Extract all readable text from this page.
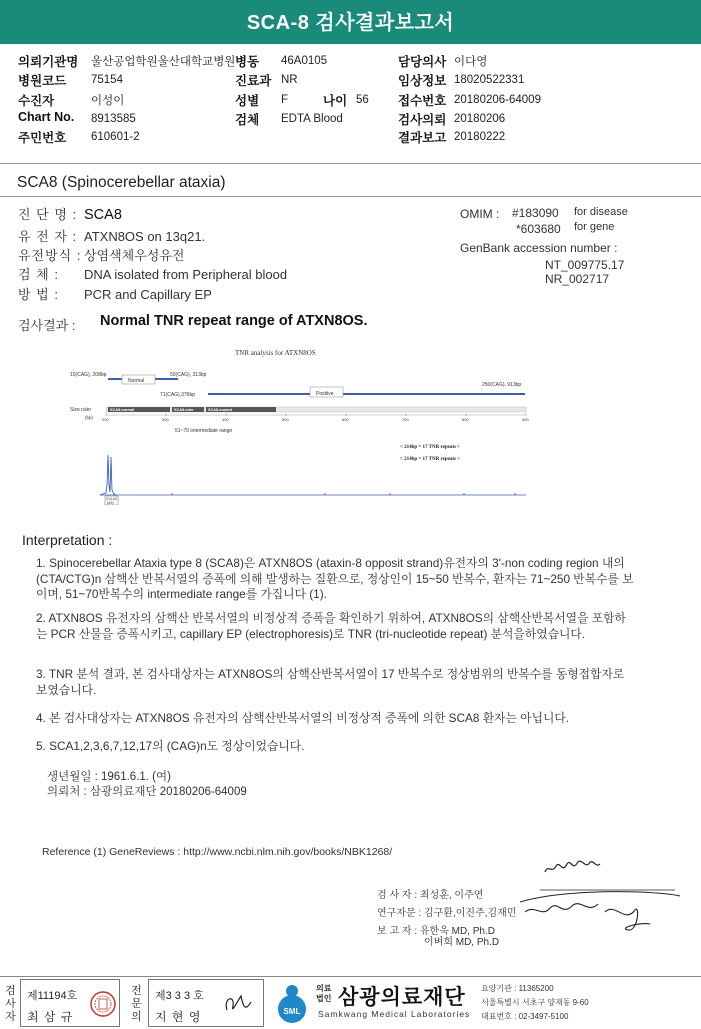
SCA-8 검사결과보고서
의뢰기관명 울산공업학원울산대학교병원 병동 46A0105	담당의사 이다영
병원코드 75154	진료과 NR	임상정보 18020522331
수진자	이성이	성별 F	나이 56 접수번호 20180206-64009
Chart No. 8913585	검체 EDTA Blood	검사의뢰 20180206
주민번호 610601-2	결과보고 20180222
SCA8 (Spinocerebellar ataxia)
진 단 명 : SCA8
유 전 자 : ATXN8OS on 13q21.
유전방식 : 상염색체우성유전
검 체 : DNA isolated from Peripheral blood
방 법 : PCR and Capillary EP
OMIM : #183090 for disease
*603680 for gene
GenBank accession number :
NT_009775.17
NR_002717
검사결과 : Normal TNR repeat range of ATXN8OS.
TNR analysis for ATXN8OS
15(CAG), 208bp	50(CAG), 313bp
Normal
71(CAG),376bp	Positive
250(CAG), 913bp
Size ruler
(bp)
SCA8-normal	SCA8-inter	SCA8-mutant
200	300	400	500	600	700	800	900
51~70 intermediate range
< 214bp = 17 TNR repeats >
< 214bp = 17 TNR repeats >
214.43
(A3)
Interpretation :
1. Spinocerebellar Ataxia type 8 (SCA8)은 ATXN8OS (ataxin-8 opposit strand)유전자의 3'-non coding region 내의 (CTA/CTG)n 삼핵산 반복서열의 증폭에 의해 발생하는 질환으로, 정상인이 15~50 반복수, 환자는 71~250 반복수를 보이며, 51~70반복수의 intermediate range를 가집니다 (1).
2. ATXN8OS 유전자의 삼핵산 반복서열의 비정상적 증폭을 확인하기 위하여, ATXN8OS의 삼핵산반복서열을 포함하는 PCR 산물을 증폭시키고, capillary EP (electrophoresis)로 TNR (tri-nucleotide repeat) 분석을하였습니다.
3. TNR 분석 결과, 본 검사대상자는 ATXN8OS의 삼핵산반복서열이 17 반복수로 정상범위의 반복수를 동형접합자로 보였습니다.
4. 본 검사대상자는 ATXN8OS 유전자의 삼핵산반복서열의 비정상적 증폭에 의한 SCA8 환자는 아닙니다.
5. SCA1,2,3,6,7,12,17의 (CAG)n도 정상이었습니다.
생년월일 : 1961.6.1. (여)
의뢰처 : 삼광의료재단 20180206-64009
Reference (1) GeneReviews : http://www.ncbi.nlm.nih.gov/books/NBK1268/
검 사 자 : 최성훈, 이주연
연구자문 : 김구환,이진주,김재민
보 고 자 : 유한욱 MD, Ph.D
이벼희 MD, Ph.D
검사자
제11194호
최 삼 규
전문의
제3 3 3 호
지 현 영	SML
의료
법인 삼광의료재단
Samkwang Medical Laboratories
요양기관 : 11365200
서울특별시 서초구 양재동 9-60
대표번호 : 02-3497-5100
